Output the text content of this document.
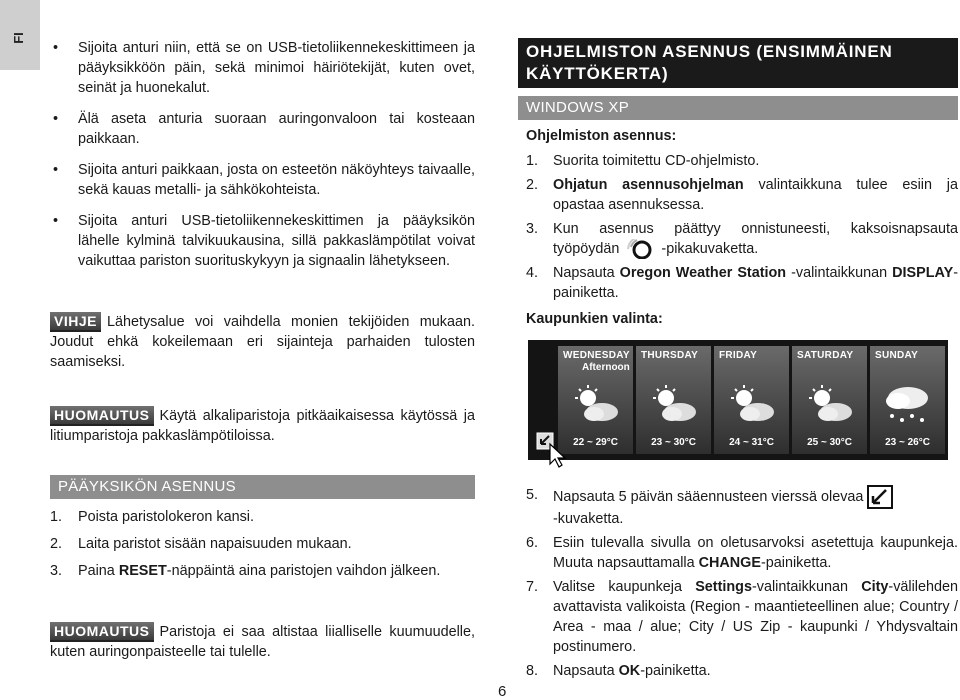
FI
• Sijoita anturi niin, että se on USB-tietoliikennekeskittimeen ja pääyksikköön päin, sekä minimoi häiriötekijät, kuten ovet, seinät ja huonekalut.
• Älä aseta anturia suoraan auringonvaloon tai kosteaan paikkaan.
• Sijoita anturi paikkaan, josta on esteetön näköyhteys taivaalle, sekä kauas metalli- ja sähkökohteista.
• Sijoita anturi USB-tietoliikennekeskittimen ja pääyksikön lähelle kylminä talvikuukausina, sillä pakkaslämpötilat voivat vaikuttaa pariston suorituskykyyn ja signaalin lähetykseen.
VIHJE Lähetysalue voi vaihdella monien tekijöiden mukaan. Joudut ehkä kokeilemaan eri sijainteja parhaiden tulosten saamiseksi.
HUOMAUTUS Käytä alkaliparistoja pitkäaikaisessa käytössä ja litiumparistoja pakkaslämpötiloissa.
PÄÄYKSIKÖN ASENNUS
1. Poista paristolokeron kansi.
2. Laita paristot sisään napaisuuden mukaan.
3. Paina RESET-näppäintä aina paristojen vaihdon jälkeen.
HUOMAUTUS Paristoja ei saa altistaa liialliselle kuumuudelle, kuten auringonpaisteelle tai tulelle.
6
OHJELMISTON ASENNUS (ENSIMMÄINEN KÄYTTÖKERTA)
WINDOWS XP
Ohjelmiston asennus:
1. Suorita toimitettu CD-ohjelmisto.
2. Ohjatun asennusohjelman valintaikkuna tulee esiin ja opastaa asennuksessa.
3. Kun asennus päättyy onnistuneesti, kaksoisnapsauta työpöydän	-pikakuvaketta.
4. Napsauta Oregon Weather Station -valintaikkunan DISPLAY-painiketta.
Kaupunkien valinta:
WEDNESDAY
Afternoon
22 ~ 29°C
THURSDAY
23 ~ 30°C
FRIDAY
24 ~ 31°C
SATURDAY
25 ~ 30°C
SUNDAY
23 ~ 26°C
5. Napsauta 5 päivän sääennusteen vierssä olevaa
-kuvaketta.
6. Esiin tulevalla sivulla on oletusarvoksi asetettuja kaupunkeja. Muuta napsauttamalla CHANGE-painiketta.
7. Valitse kaupunkeja Settings-valintaikkunan City-välilehden avattavista valikoista (Region - maantieteellinen alue; Country / Area - maa / alue; City / US Zip - kaupunki / Yhdysvaltain postinumero.
8. Napsauta OK-painiketta.
